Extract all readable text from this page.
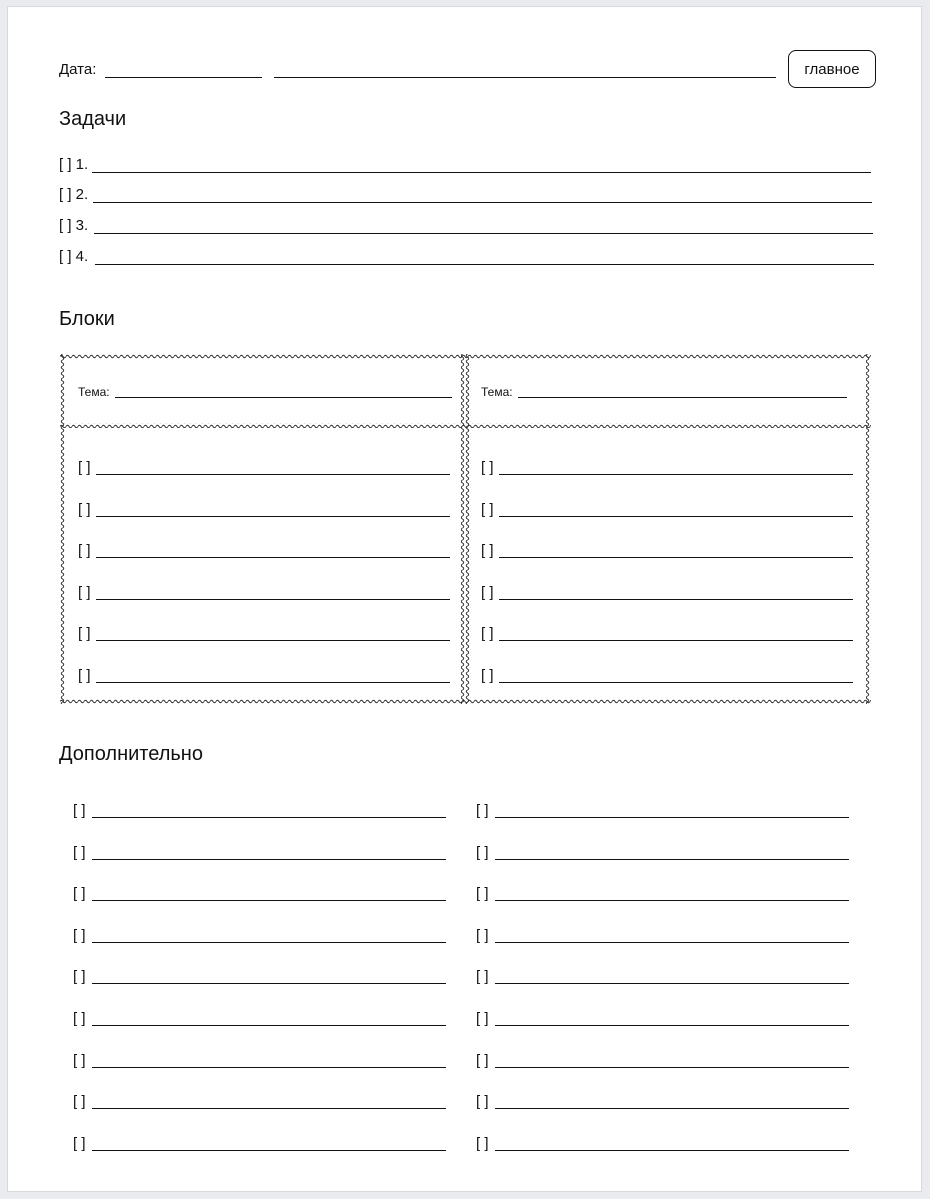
Дата:	главное
Задачи
[ ] 1.
[ ] 2.
[ ] 3.
[ ] 4.
Блоки
Тема:	Тема:
[ ]
[ ]
[ ]
[ ]
[ ]
[ ]
[ ]
[ ]
[ ]
[ ]
[ ]
[ ]
Дополнительно
[ ]
[ ]
[ ]
[ ]
[ ]
[ ]
[ ]
[ ]
[ ]
[ ]
[ ]
[ ]
[ ]
[ ]
[ ]
[ ]
[ ]
[ ]
